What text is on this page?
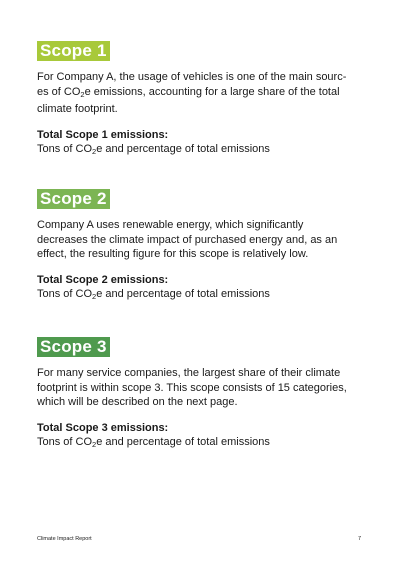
Scope 1

For Company A, the usage of vehicles is one of the main sourc-
es of $CO_2e$ emissions, accounting for a large share of the total
climate footprint.

Total Scope 1 emissions:

Tons of $CO_2e$ and percentage of total emissions

Scope 2

Company A uses renewable energy, which significantly
decreases the climate impact of purchased energy and, as an
effect, the resulting figure for this scope is relatively low.

Total Scope 2 emissions:

Tons of $CO_2e$ and percentage of total emissions

Scope 3

For many service companies, the largest share of their climate
footprint is within scope 3. This scope consists of 15 categories,
which will be described on the next page.

Total Scope 3 emissions:

Tons of $CO_2e$ and percentage of total emissions

Climate Impact Report	7
